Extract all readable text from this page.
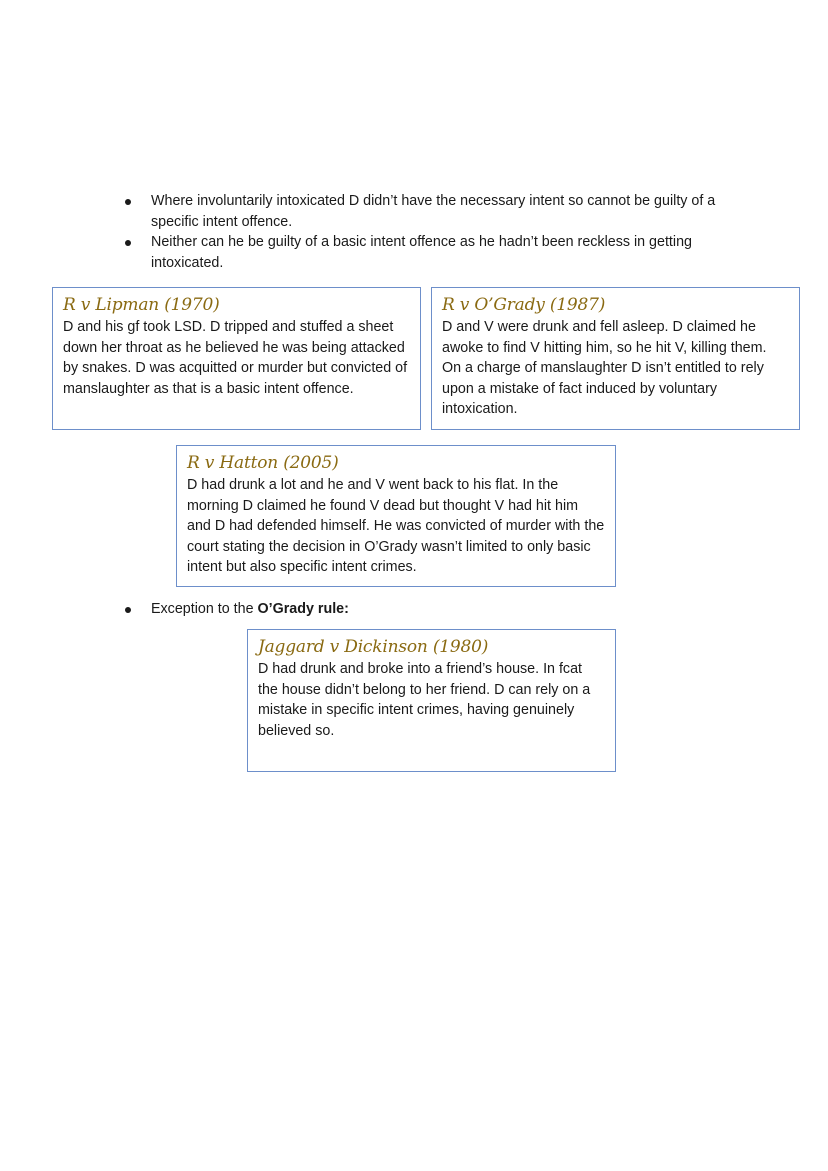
Where involuntarily intoxicated D didn’t have the necessary intent so cannot be guilty of a specific intent offence.
Neither can he be guilty of a basic intent offence as he hadn’t been reckless in getting intoxicated.
R v Lipman (1970)
D and his gf took LSD. D tripped and stuffed a sheet down her throat as he believed he was being attacked by snakes. D was acquitted or murder but convicted of manslaughter as that is a basic intent offence.
R v O’Grady (1987)
D and V were drunk and fell asleep. D claimed he awoke to find V hitting him, so he hit V, killing them. On a charge of manslaughter D isn’t entitled to rely upon a mistake of fact induced by voluntary intoxication.
R v Hatton (2005)
D had drunk a lot and he and V went back to his flat. In the morning D claimed he found V dead but thought V had hit him and D had defended himself. He was convicted of murder with the court stating the decision in O’Grady wasn’t limited to only basic intent but also specific intent crimes.
Exception to the O’Grady rule:
Jaggard v Dickinson (1980)
D had drunk and broke into a friend’s house. In fcat the house didn’t belong to her friend. D can rely on a mistake in specific intent crimes, having genuinely believed so.
